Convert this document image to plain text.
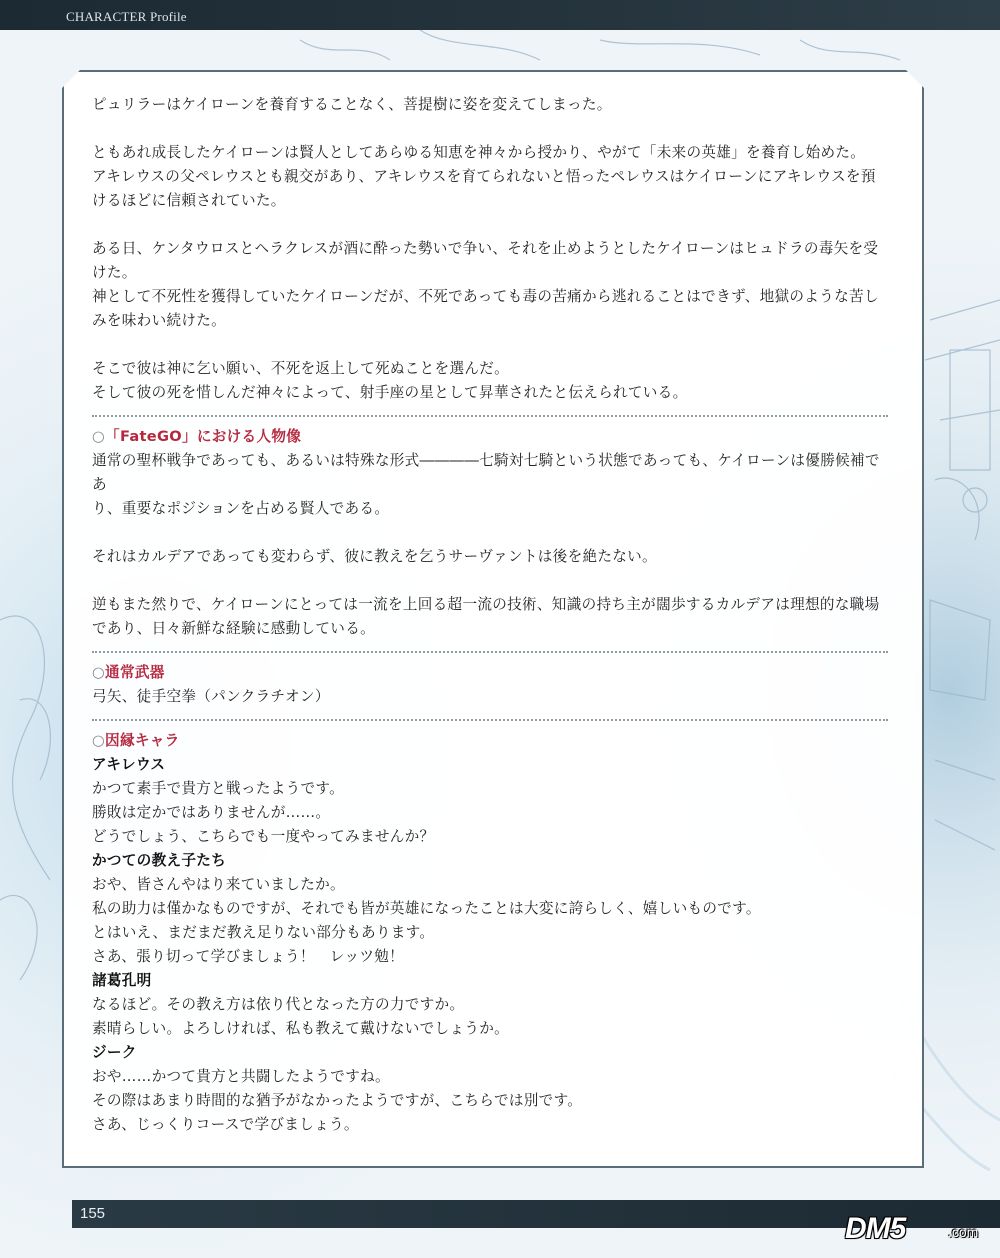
CHARACTER Profile

ピュリラーはケイローンを養育することなく、菩提樹に姿を変えてしまった。

ともあれ成長したケイローンは賢人としてあらゆる知恵を神々から授かり、やがて「未来の英雄」を養育し始めた。

アキレウスの父ペレウスとも親交があり、アキレウスを育てられないと悟ったペレウスはケイローンにアキレウスを預

けるほどに信頼されていた。

ある日、ケンタウロスとヘラクレスが酒に酔った勢いで争い、それを止めようとしたケイローンはヒュドラの毒矢を受

けた。

神として不死性を獲得していたケイローンだが、不死であっても毒の苦痛から逃れることはできず、地獄のような苦し

みを味わい続けた。

そこで彼は神に乞い願い、不死を返上して死ぬことを選んだ。

そして彼の死を惜しんだ神々によって、射手座の星として昇華されたと伝えられている。

○「FateGO」における人物像

通常の聖杯戦争であっても、あるいは特殊な形式――――七騎対七騎という状態であっても、ケイローンは優勝候補であ

り、重要なポジションを占める賢人である。

それはカルデアであっても変わらず、彼に教えを乞うサーヴァントは後を絶たない。

逆もまた然りで、ケイローンにとっては一流を上回る超一流の技術、知識の持ち主が闊歩するカルデアは理想的な職場

であり、日々新鮮な経験に感動している。

○通常武器

弓矢、徒手空拳（パンクラチオン）

○因縁キャラ
アキレウス

かつて素手で貴方と戦ったようです。

勝敗は定かではありませんが……。

どうでしょう、こちらでも一度やってみませんか？

かつての教え子たち

おや、皆さんやはり来ていましたか。

私の助力は僅かなものですが、それでも皆が英雄になったことは大変に誇らしく、嬉しいものです。

とはいえ、まだまだ教え足りない部分もあります。

さあ、張り切って学びましょう！　レッツ勉！

諸葛孔明

なるほど。その教え方は依り代となった方の力ですか。

素晴らしい。よろしければ、私も教えて戴けないでしょうか。

ジーク

おや……かつて貴方と共闘したようですね。

その際はあまり時間的な猶予がなかったようですが、こちらでは別です。

さあ、じっくりコースで学びましょう。

155	DM5	.com
